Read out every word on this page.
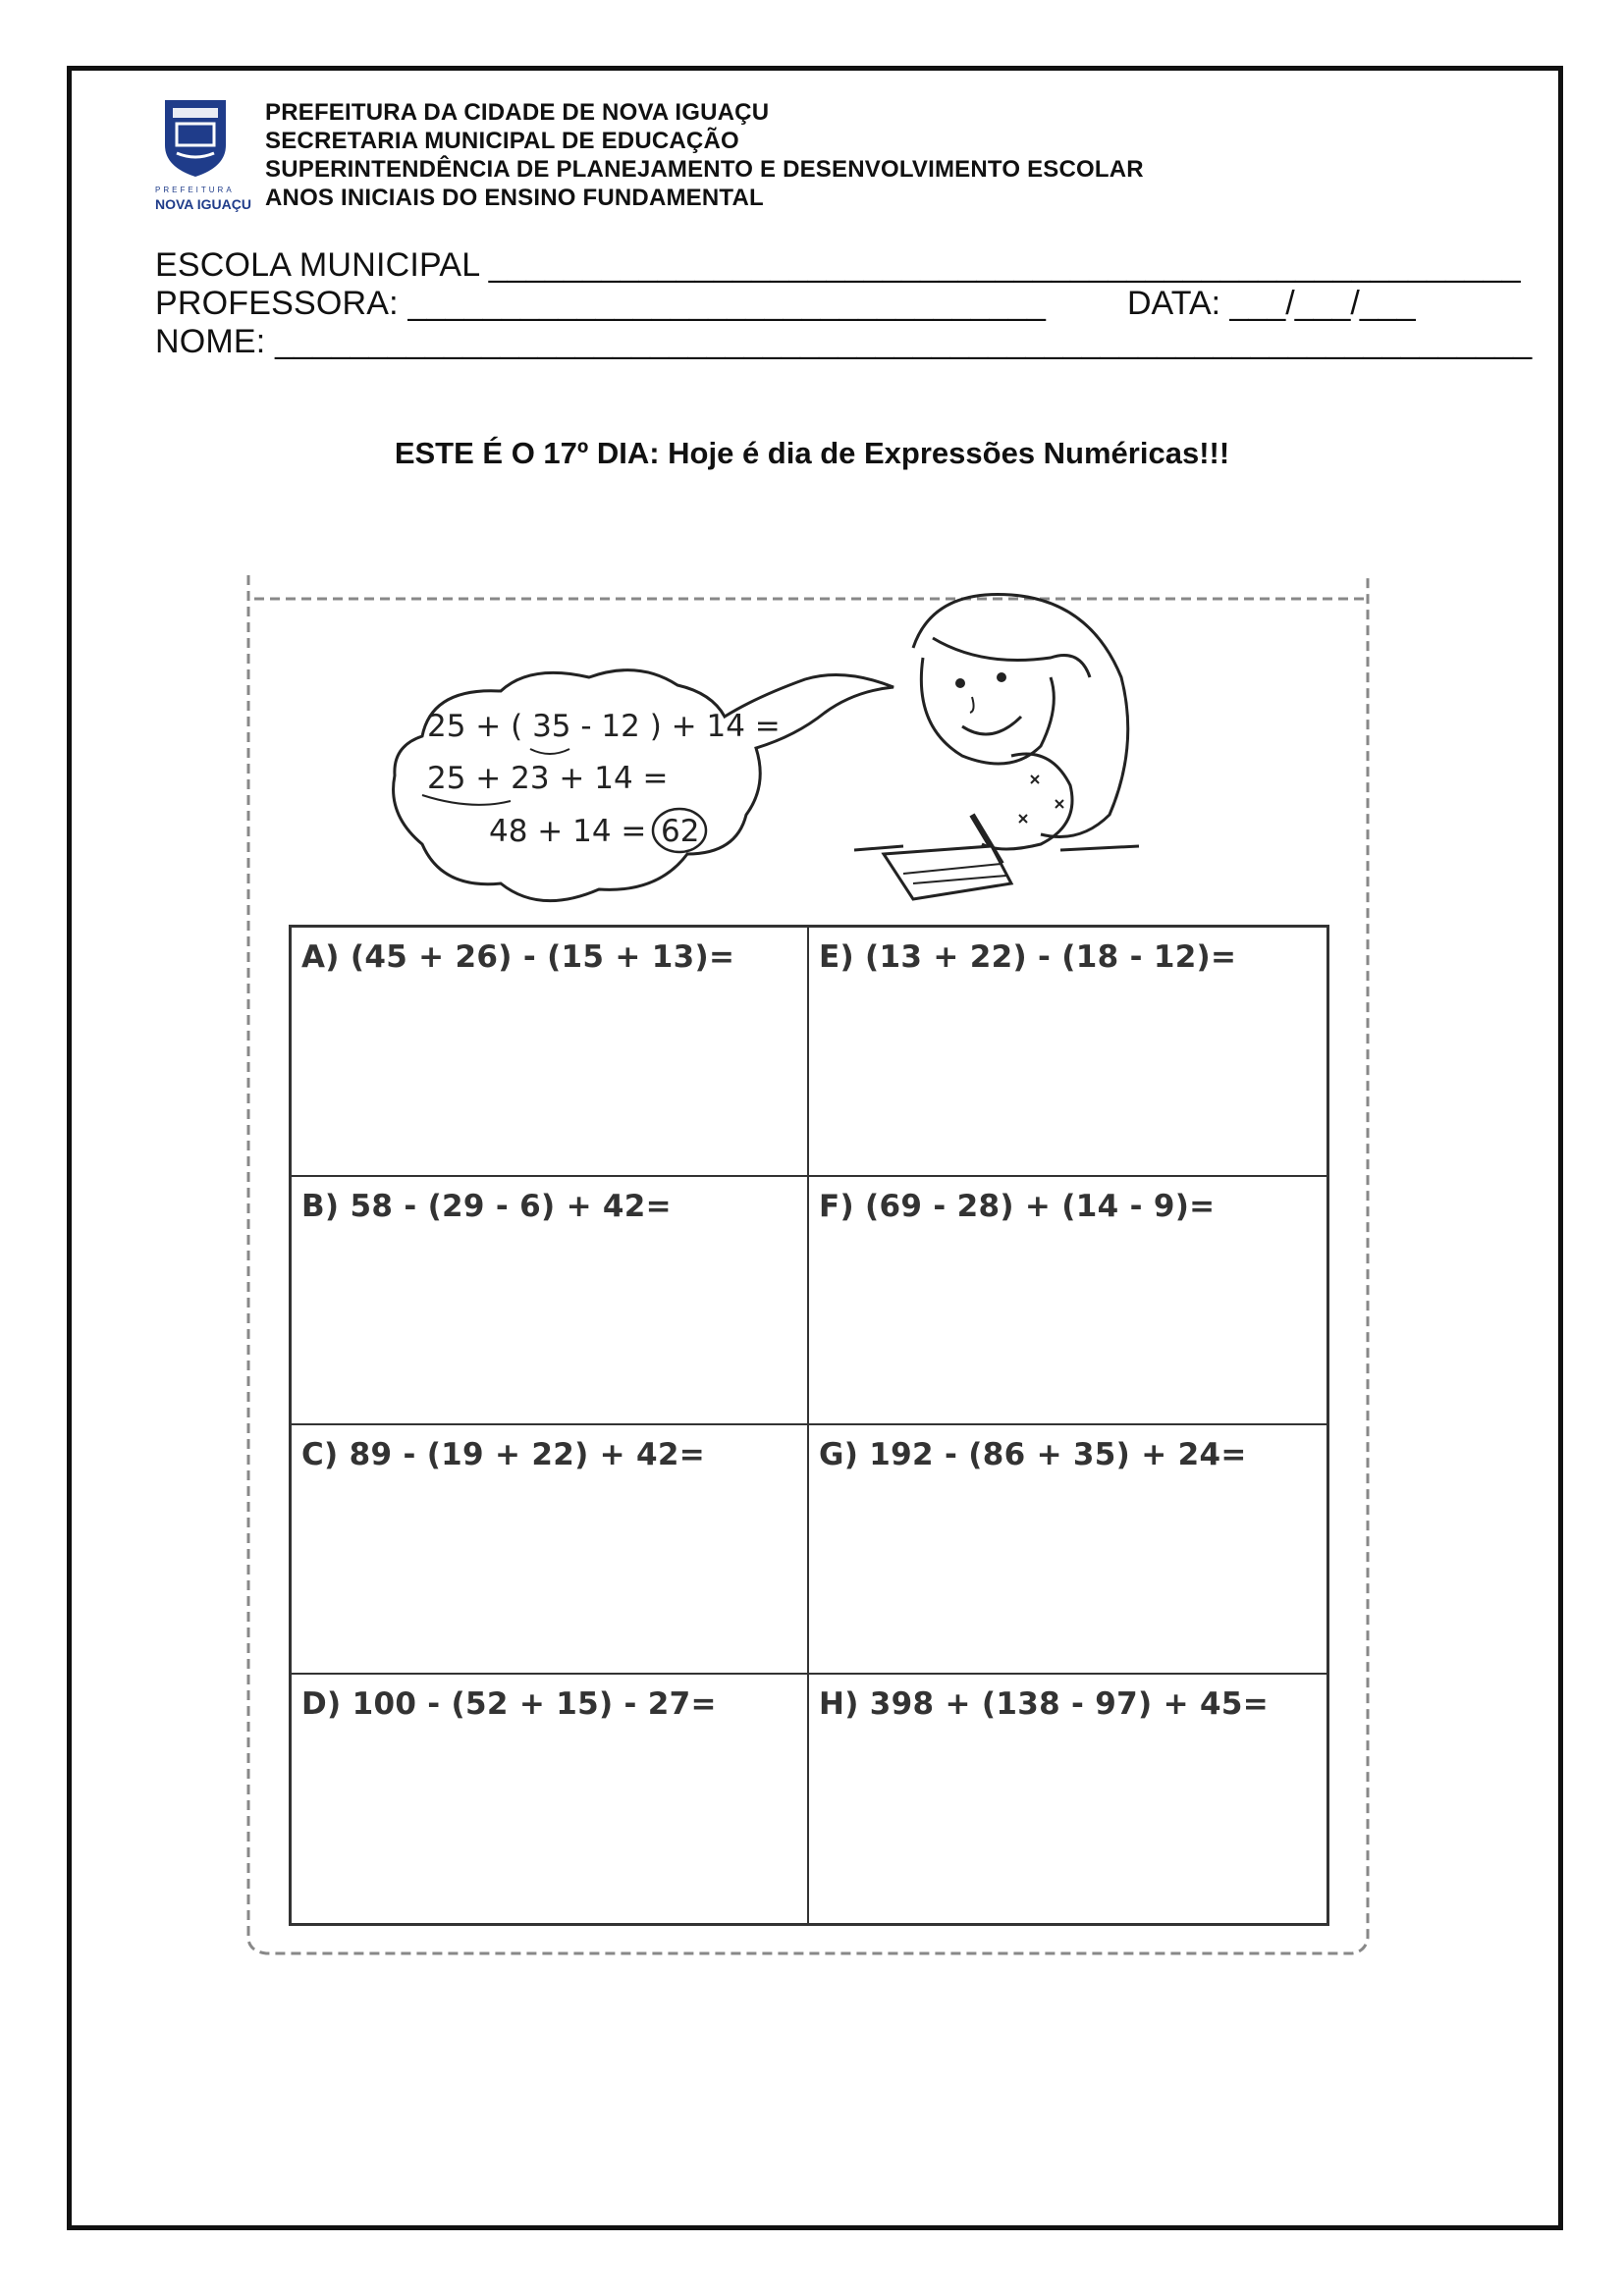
PREFEITURA
NOVA IGUAÇU
PREFEITURA DA CIDADE DE NOVA IGUAÇU
SECRETARIA MUNICIPAL DE EDUCAÇÃO
SUPERINTENDÊNCIA DE PLANEJAMENTO E DESENVOLVIMENTO ESCOLAR
ANOS INICIAIS DO ENSINO FUNDAMENTAL
ESCOLA MUNICIPAL _______________________________________________________
PROFESSORA: __________________________________ DATA: ___/___/___
NOME: ___________________________________________________________________
ESTE É O 17º DIA: Hoje é dia de Expressões Numéricas!!!
25 + ( 35 - 12 ) + 14 =
25 + 23 + 14 =
48 + 14 = 62
A) (45 + 26) - (15 + 13)=	E) (13 + 22) - (18 - 12)=
B) 58 - (29 - 6) + 42=	F) (69 - 28) + (14 - 9)=
C) 89 - (19 + 22) + 42=	G) 192 - (86 + 35) + 24=
D) 100 - (52 + 15) - 27=	H) 398 + (138 - 97) + 45=
